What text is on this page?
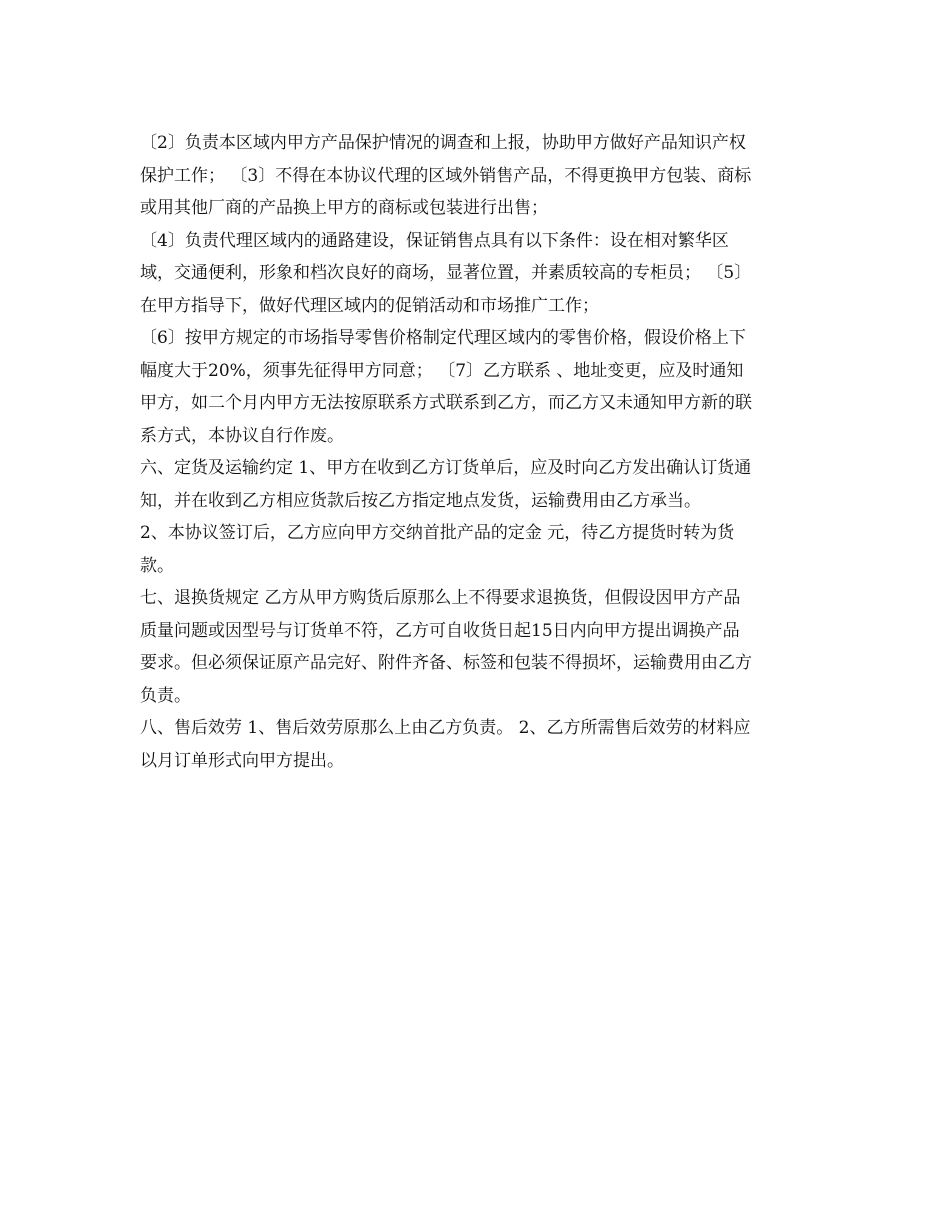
〔2〕负责本区域内甲方产品保护情况的调查和上报，协助甲方做好产品知识产权
保护工作； 〔3〕不得在本协议代理的区域外销售产品，不得更换甲方包装、商标
或用其他厂商的产品换上甲方的商标或包装进行出售；

〔4〕负责代理区域内的通路建设，保证销售点具有以下条件：设在相对繁华区
域，交通便利，形象和档次良好的商场，显著位置，并素质较高的专柜员； 〔5〕
在甲方指导下，做好代理区域内的促销活动和市场推广工作；

〔6〕按甲方规定的市场指导零售价格制定代理区域内的零售价格，假设价格上下
幅度大于20%，须事先征得甲方同意； 〔7〕乙方联系 、地址变更，应及时通知
甲方，如二个月内甲方无法按原联系方式联系到乙方，而乙方又未通知甲方新的联
系方式，本协议自行作废。

六、定货及运输约定 1、甲方在收到乙方订货单后，应及时向乙方发出确认订货通
知，并在收到乙方相应货款后按乙方指定地点发货，运输费用由乙方承当。

2、本协议签订后，乙方应向甲方交纳首批产品的定金 元，待乙方提货时转为货
款。

七、退换货规定 乙方从甲方购货后原那么上不得要求退换货，但假设因甲方产品
质量问题或因型号与订货单不符，乙方可自收货日起15日内向甲方提出调换产品
要求。但必须保证原产品完好、附件齐备、标签和包装不得损坏，运输费用由乙方
负责。

八、售后效劳 1、售后效劳原那么上由乙方负责。 2、乙方所需售后效劳的材料应
以月订单形式向甲方提出。
